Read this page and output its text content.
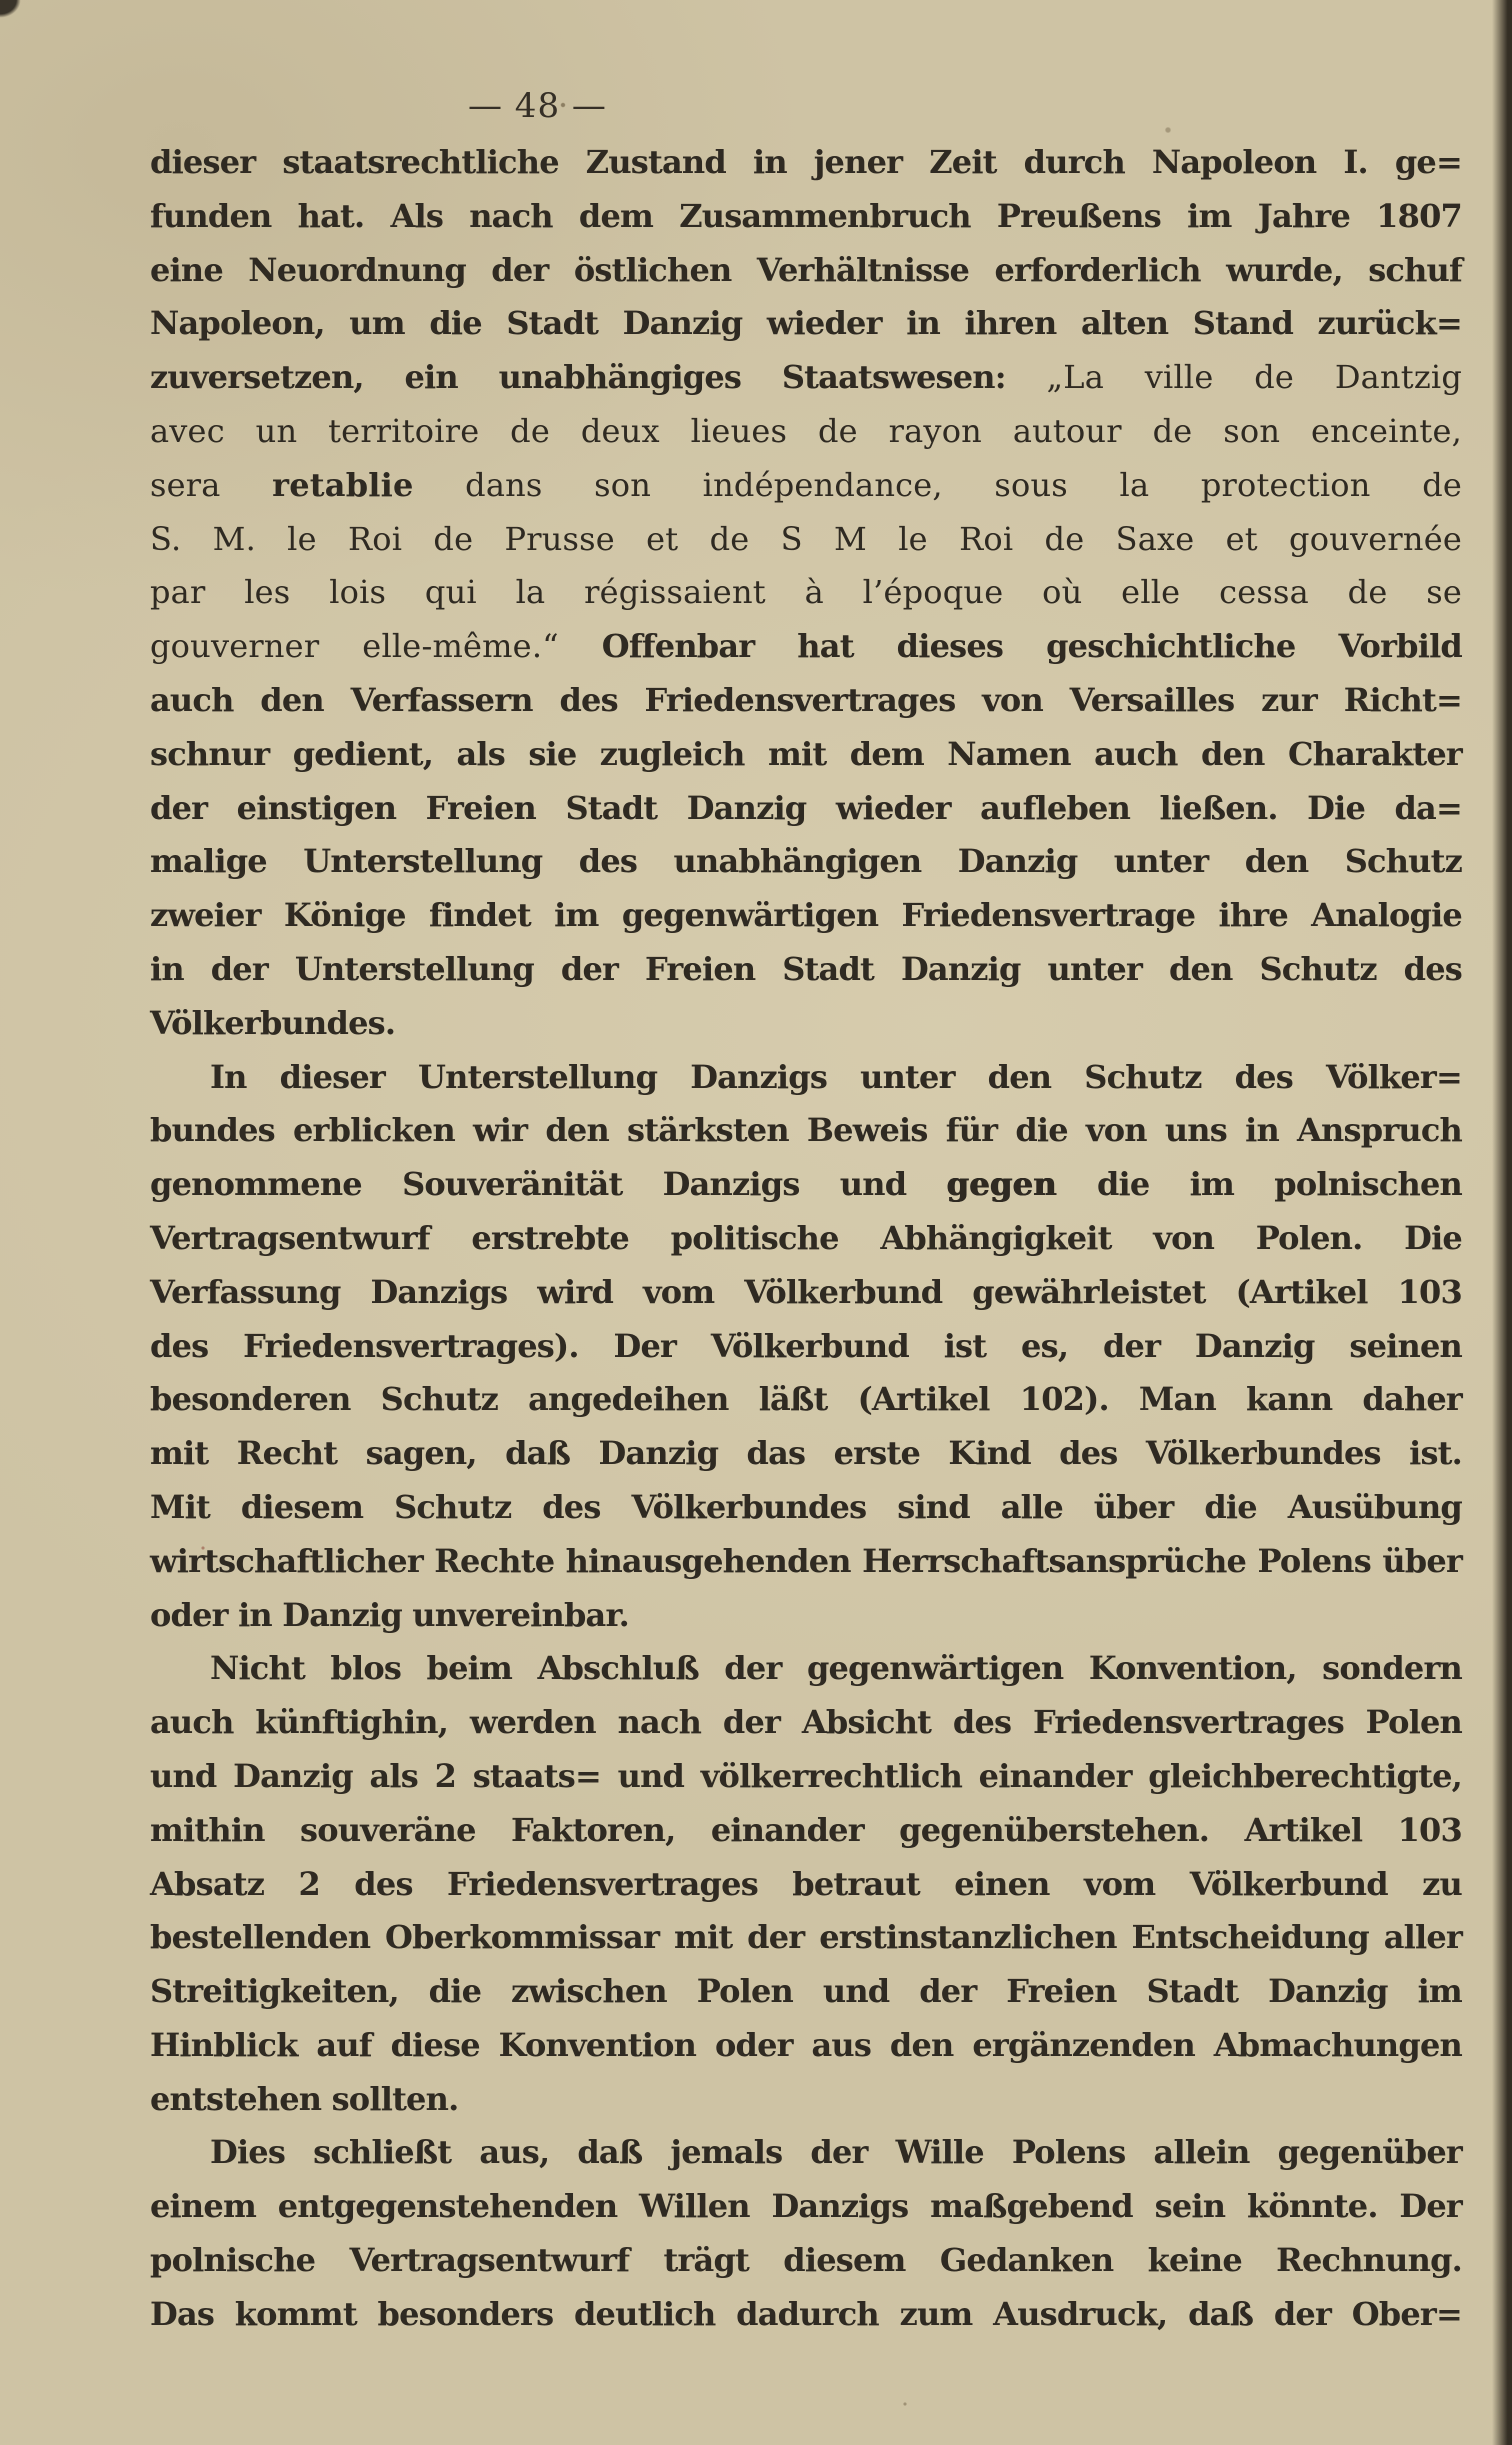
— 48 —
dieser staatsrechtliche Zustand in jener Zeit durch Napoleon I. ge=
funden hat. Als nach dem Zusammenbruch Preußens im Jahre 1807
eine Neuordnung der östlichen Verhältnisse erforderlich wurde, schuf
Napoleon, um die Stadt Danzig wieder in ihren alten Stand zurück=
zuversetzen, ein unabhängiges Staatswesen: „La ville de Dantzig
avec un territoire de deux lieues de rayon autour de son enceinte,
sera retablie dans son indépendance, sous la protection de
S. M. le Roi de Prusse et de S M le Roi de Saxe et gouvernée
par les lois qui la régissaient à l’époque où elle cessa de se
gouverner elle-même.“ Offenbar hat dieses geschichtliche Vorbild
auch den Verfassern des Friedensvertrages von Versailles zur Richt=
schnur gedient, als sie zugleich mit dem Namen auch den Charakter
der einstigen Freien Stadt Danzig wieder aufleben ließen. Die da=
malige Unterstellung des unabhängigen Danzig unter den Schutz
zweier Könige findet im gegenwärtigen Friedensvertrage ihre Analogie
in der Unterstellung der Freien Stadt Danzig unter den Schutz des
Völkerbundes.
In dieser Unterstellung Danzigs unter den Schutz des Völker=
bundes erblicken wir den stärksten Beweis für die von uns in Anspruch
genommene Souveränität Danzigs und gegen die im polnischen
Vertragsentwurf erstrebte politische Abhängigkeit von Polen. Die
Verfassung Danzigs wird vom Völkerbund gewährleistet (Artikel 103
des Friedensvertrages). Der Völkerbund ist es, der Danzig seinen
besonderen Schutz angedeihen läßt (Artikel 102). Man kann daher
mit Recht sagen, daß Danzig das erste Kind des Völkerbundes ist.
Mit diesem Schutz des Völkerbundes sind alle über die Ausübung
wirtschaftlicher Rechte hinausgehenden Herrschaftsansprüche Polens über
oder in Danzig unvereinbar.
Nicht blos beim Abschluß der gegenwärtigen Konvention, sondern
auch künftighin, werden nach der Absicht des Friedensvertrages Polen
und Danzig als 2 staats= und völkerrechtlich einander gleichberechtigte,
mithin souveräne Faktoren, einander gegenüberstehen. Artikel 103
Absatz 2 des Friedensvertrages betraut einen vom Völkerbund zu
bestellenden Oberkommissar mit der erstinstanzlichen Entscheidung aller
Streitigkeiten, die zwischen Polen und der Freien Stadt Danzig im
Hinblick auf diese Konvention oder aus den ergänzenden Abmachungen
entstehen sollten.
Dies schließt aus, daß jemals der Wille Polens allein gegenüber
einem entgegenstehenden Willen Danzigs maßgebend sein könnte. Der
polnische Vertragsentwurf trägt diesem Gedanken keine Rechnung.
Das kommt besonders deutlich dadurch zum Ausdruck, daß der Ober=
